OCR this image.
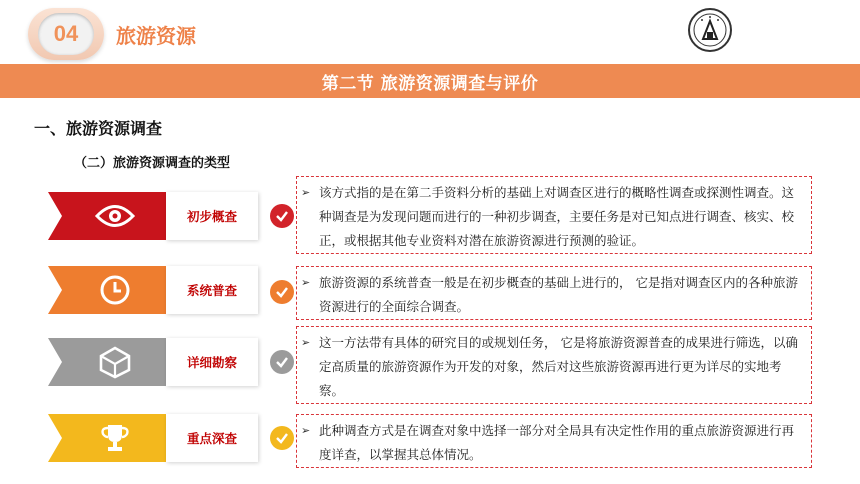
04	旅游资源
第二节 旅游资源调查与评价
一、旅游资源调查
（二）旅游资源调查的类型
初步概查
➢ 该方式指的是在第二手资料分析的基础上对调查区进行的概略性调查或探测性调查。这种调查是为发现问题而进行的一种初步调查，主要任务是对已知点进行调查、核实、校正，或根据其他专业资料对潜在旅游资源进行预测的验证。
系统普查
➢ 旅游资源的系统普查一般是在初步概查的基础上进行的， 它是指对调查区内的各种旅游资源进行的全面综合调查。
详细勘察
➢ 这一方法带有具体的研究目的或规划任务， 它是将旅游资源普查的成果进行筛选，以确定高质量的旅游资源作为开发的对象，然后对这些旅游资源再进行更为详尽的实地考察。
重点深查
➢ 此种调查方式是在调查对象中选择一部分对全局具有决定性作用的重点旅游资源进行再度详查，以掌握其总体情况。
